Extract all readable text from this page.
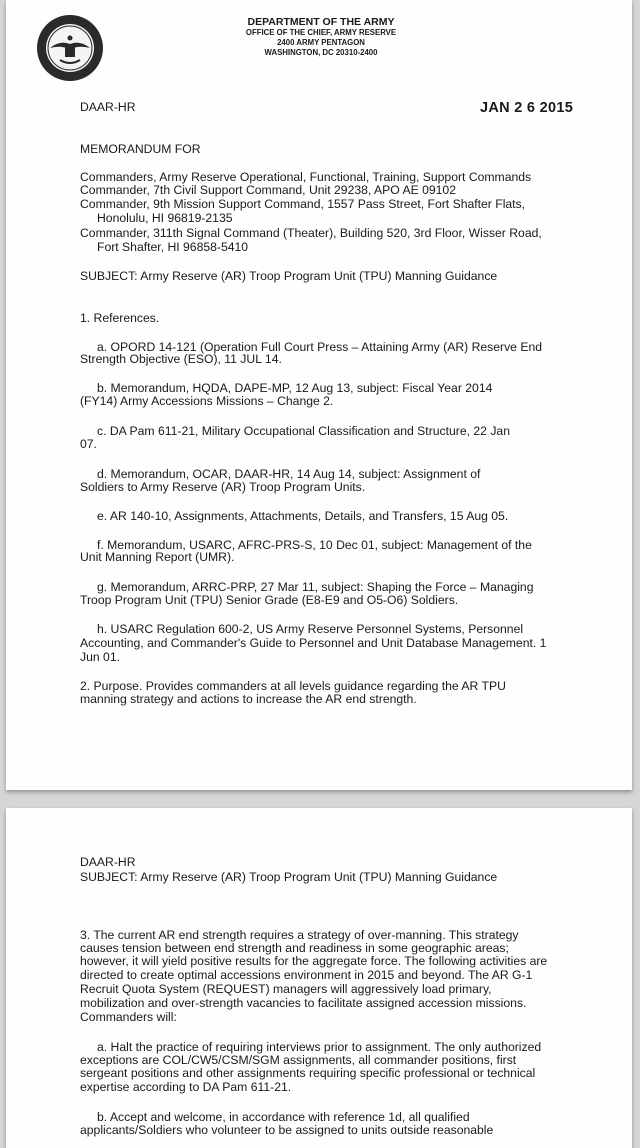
DEPARTMENT OF THE ARMY
OFFICE OF THE CHIEF, ARMY RESERVE
2400 ARMY PENTAGON
WASHINGTON, DC 20310-2400
DAAR-HR	JAN 2 6 2015
MEMORANDUM FOR
Commanders, Army Reserve Operational, Functional, Training, Support Commands
Commander, 7th Civil Support Command, Unit 29238, APO AE 09102
Commander, 9th Mission Support Command, 1557 Pass Street, Fort Shafter Flats,
Honolulu, HI 96819-2135
Commander, 311th Signal Command (Theater), Building 520, 3rd Floor, Wisser Road,
Fort Shafter, HI 96858-5410
SUBJECT: Army Reserve (AR) Troop Program Unit (TPU) Manning Guidance
1. References.
a. OPORD 14-121 (Operation Full Court Press – Attaining Army (AR) Reserve End
Strength Objective (ESO), 11 JUL 14.
b. Memorandum, HQDA, DAPE-MP, 12 Aug 13, subject: Fiscal Year 2014
(FY14) Army Accessions Missions – Change 2.
c. DA Pam 611-21, Military Occupational Classification and Structure, 22 Jan
07.
d. Memorandum, OCAR, DAAR-HR, 14 Aug 14, subject: Assignment of
Soldiers to Army Reserve (AR) Troop Program Units.
e. AR 140-10, Assignments, Attachments, Details, and Transfers, 15 Aug 05.
f. Memorandum, USARC, AFRC-PRS-S, 10 Dec 01, subject: Management of the
Unit Manning Report (UMR).
g. Memorandum, ARRC-PRP, 27 Mar 11, subject: Shaping the Force – Managing
Troop Program Unit (TPU) Senior Grade (E8-E9 and O5-O6) Soldiers.
h. USARC Regulation 600-2, US Army Reserve Personnel Systems, Personnel
Accounting, and Commander's Guide to Personnel and Unit Database Management. 1
Jun 01.
2. Purpose. Provides commanders at all levels guidance regarding the AR TPU
manning strategy and actions to increase the AR end strength.
DAAR-HR
SUBJECT: Army Reserve (AR) Troop Program Unit (TPU) Manning Guidance
3. The current AR end strength requires a strategy of over-manning. This strategy
causes tension between end strength and readiness in some geographic areas;
however, it will yield positive results for the aggregate force. The following activities are
directed to create optimal accessions environment in 2015 and beyond. The AR G-1
Recruit Quota System (REQUEST) managers will aggressively load primary,
mobilization and over-strength vacancies to facilitate assigned accession missions.
Commanders will:
a. Halt the practice of requiring interviews prior to assignment. The only authorized
exceptions are COL/CW5/CSM/SGM assignments, all commander positions, first
sergeant positions and other assignments requiring specific professional or technical
expertise according to DA Pam 611-21.
b. Accept and welcome, in accordance with reference 1d, all qualified
applicants/Soldiers who volunteer to be assigned to units outside reasonable
